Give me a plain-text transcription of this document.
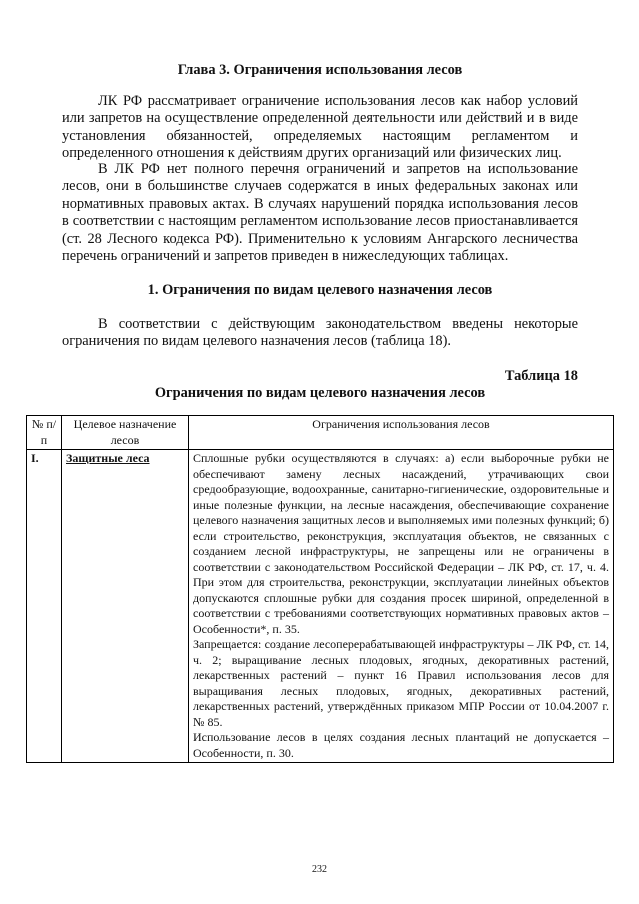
Глава 3. Ограничения использования лесов

ЛК РФ рассматривает ограничение использования лесов как набор условий или запретов на осуществление определенной деятельности или действий и в виде установления обязанностей, определяемых настоящим регламентом и определенного отношения к действиям других организаций или физических лиц.

В ЛК РФ нет полного перечня ограничений и запретов на использование лесов, они в большинстве случаев содержатся в иных федеральных законах или нормативных правовых актах. В случаях нарушений порядка использования лесов в соответствии с настоящим регламентом использование лесов приостанавливается (ст. 28 Лесного кодекса РФ). Применительно к условиям Ангарского лесничества перечень ограничений и запретов приведен в нижеследующих таблицах.

1. Ограничения по видам целевого назначения лесов

В соответствии с действующим законодательством введены некоторые ограничения по видам целевого назначения лесов (таблица 18).

Таблица 18
Ограничения по видам целевого назначения лесов
№ п/п	Целевое назначение лесов	Ограничения использования лесов
I.	Защитные леса	Сплошные рубки осуществляются в случаях: а) если выборочные рубки не обеспечивают замену лесных насаждений, утрачивающих свои средообразующие, водоохранные, санитарно-гигиенические, оздоровительные и иные полезные функции, на лесные насаждения, обеспечивающие сохранение целевого назначения защитных лесов и выполняемых ими полезных функций; б) если строительство, реконструкция, эксплуатация объектов, не связанных с созданием лесной инфраструктуры, не запрещены или не ограничены в соответствии с законодательством Российской Федерации – ЛК РФ, ст. 17, ч. 4. При этом для строительства, реконструкции, эксплуатации линейных объектов допускаются сплошные рубки для создания просек шириной, определенной в соответствии с требованиями соответствующих нормативных правовых актов – Особенности*, п. 35.

Запрещается: создание лесоперерабатывающей инфраструктуры – ЛК РФ, ст. 14, ч. 2; выращивание лесных плодовых, ягодных, декоративных растений, лекарственных растений – пункт 16 Правил использования лесов для выращивания лесных плодовых, ягодных, декоративных растений, лекарственных растений, утверждённых приказом МПР России от 10.04.2007 г. № 85.

Использование лесов в целях создания лесных плантаций не допускается – Особенности, п. 30.

232
